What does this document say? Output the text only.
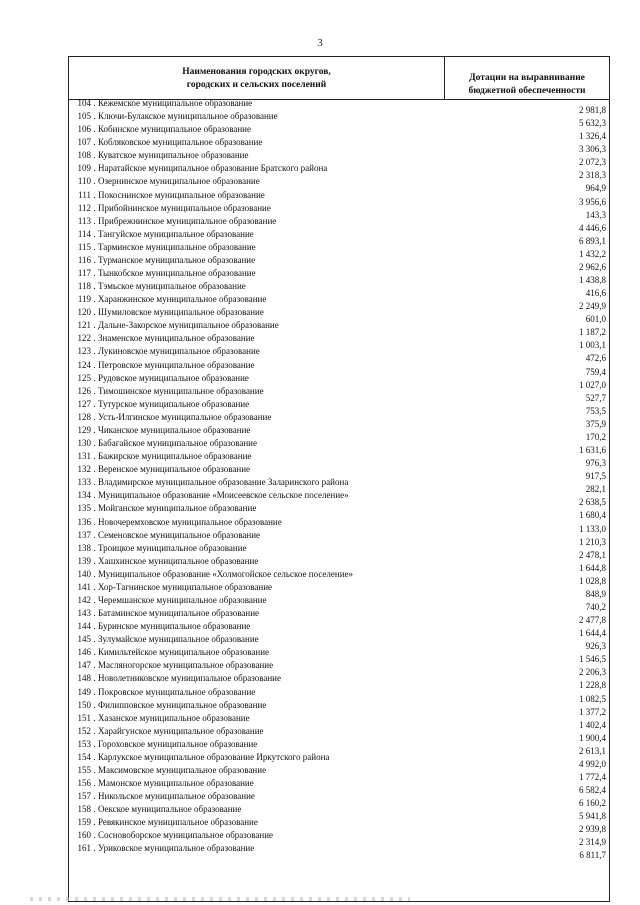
3
Наименования городских округов,
городских и сельских поселений
Дотации на выравнивание
бюджетной обеспеченности
104 . Кежемское муниципальное образование
2 981,8
105 . Ключи-Булакское муниципальное образование
5 632,3
106 . Кобинское муниципальное образование
1 326,4
107 . Кобляковское муниципальное образование
3 306,3
108 . Куватское муниципальное образование
2 072,3
109 . Наратайское муниципальное образование Братского района
2 318,3
110 . Озернинское муниципальное образование
964,9
111 . Покоснинское муниципальное образование
3 956,6
112 . Прибойнинское муниципальное образование
143,3
113 . Прибрежнинское муниципальное образование
4 446,6
114 . Тангуйское муниципальное образование
6 893,1
115 . Тарминское муниципальное образование
1 432,2
116 . Турманское муниципальное образование
2 962,6
117 . Тынкобское муниципальное образование
1 438,8
118 . Тэмьское муниципальное образование
416,6
119 . Харанжинское муниципальное образование
2 249,9
120 . Шумиловское муниципальное образование
601,0
121 . Дальне-Закорское муниципальное образование
1 187,2
122 . Знаменское муниципальное образование
1 003,1
123 . Лукиновское муниципальное образование
472,6
124 . Петровское муниципальное образование
759,4
125 . Рудовское муниципальное образование
1 027,0
126 . Тимошинское муниципальное образование
527,7
127 . Тутурское муниципальное образование
753,5
128 . Усть-Илгинское муниципальное образование
375,9
129 . Чиканское муниципальное образование
170,2
130 . Бабагайское муниципальное образование
1 631,6
131 . Бажирское муниципальное образование
976,3
132 . Веренское муниципальное образование
917,5
133 . Владимирское муниципальное образование Заларинского района
282,1
134 . Муниципальное образование «Моисеевское сельское поселение»
2 638,5
135 . Мойганское муниципальное образование
1 680,4
136 . Новочеремховское муниципальное образование
1 133,0
137 . Семеновское муниципальное образование
1 210,3
138 . Троицкое муниципальное образование
2 478,1
139 . Хашхинское муниципальное образование
1 644,8
140 . Муниципальное образование «Холмогойское сельское поселение»
1 028,8
141 . Хор-Тагнинское муниципальное образование
848,9
142 . Черемшанское муниципальное образование
740,2
143 . Батаминское муниципальное образование
2 477,8
144 . Буринское муниципальное образование
1 644,4
145 . Зулумайское муниципальное образование
926,3
146 . Кимильтейское муниципальное образование
1 546,5
147 . Масляногорское муниципальное образование
2 206,3
148 . Новолетниковское муниципальное образование
1 228,8
149 . Покровское муниципальное образование
1 082,5
150 . Филипповское муниципальное образование
1 377,2
151 . Хазанское муниципальное образование
1 402,4
152 . Харайгунское муниципальное образование
1 900,4
153 . Гороховское муниципальное образование
2 613,1
154 . Карлукское муниципальное образование Иркутского района
4 992,0
155 . Максимовское муниципальное образование
1 772,4
156 . Мамонское муниципальное образование
6 582,4
157 . Никольское муниципальное образование
6 160,2
158 . Оекское муниципальное образование
5 941,8
159 . Ревякинское муниципальное образование
2 939,8
160 . Сосновоборское муниципальное образование
2 314,9
161 . Уриковское муниципальное образование
6 811,7
